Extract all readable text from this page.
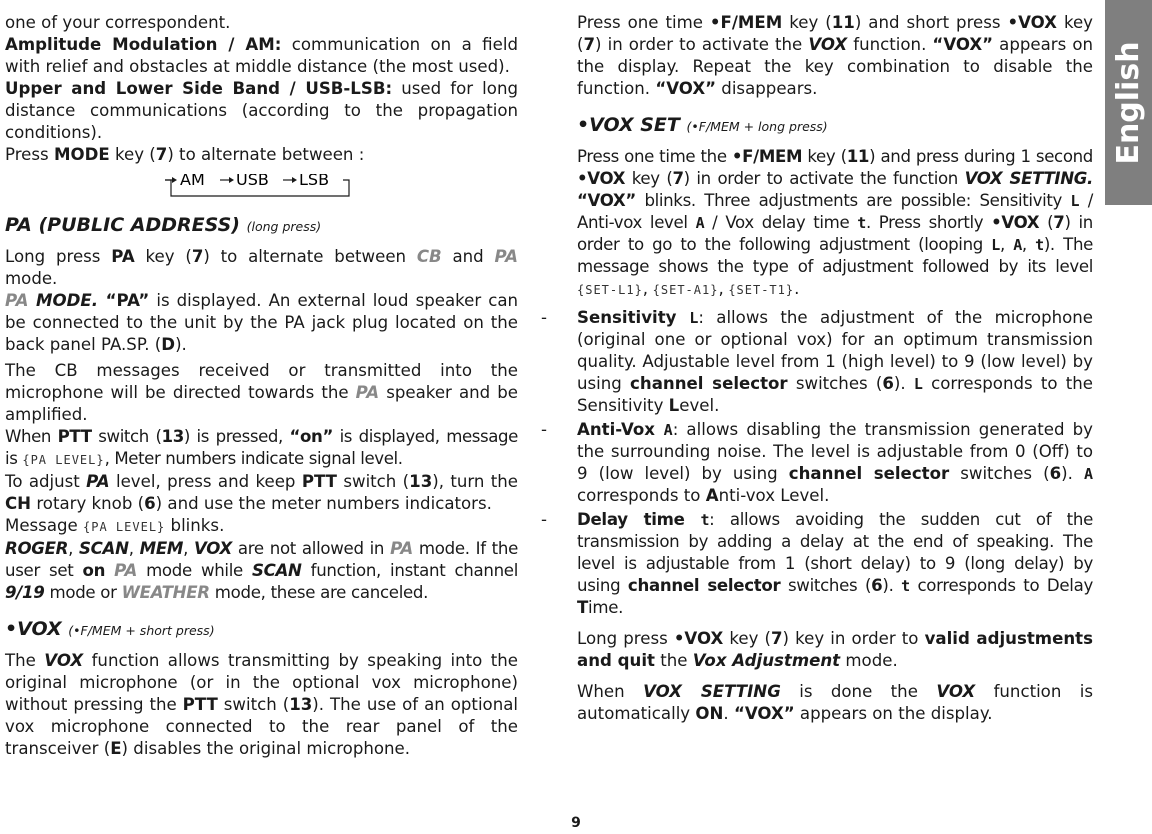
English

one of your correspondent.

Amplitude Modulation / AM: communication on a field with relief and obstacles at middle distance (the most used).

Upper and Lower Side Band / USB-LSB: used for long distance communications (according to the propagation conditions).

Press MODE key (7) to alternate between :

AM USB LSB

PA (PUBLIC ADDRESS) (long press)

Long press PA key (7) to alternate between CB and PA mode.

PA MODE. “PA” is displayed. An external loud speaker can be connected to the unit by the PA jack plug located on the back panel PA.SP. (D).

The CB messages received or transmitted into the microphone will be directed towards the PA speaker and be amplified.

When PTT switch (13) is pressed, “on” is displayed, message is {PA LEVEL}, Meter numbers indicate signal level.

To adjust PA level, press and keep PTT switch (13), turn the CH rotary knob (6) and use the meter numbers indicators.

Message {PA LEVEL} blinks.

ROGER, SCAN, MEM, VOX are not allowed in PA mode. If the user set on PA mode while SCAN function, instant channel 9/19 mode or WEATHER mode, these are canceled.

•VOX (•F/MEM + short press)

The VOX function allows transmitting by speaking into the original microphone (or in the optional vox microphone) without pressing the PTT switch (13). The use of an optional vox microphone connected to the rear panel of the transceiver (E) disables the original microphone.

Press one time •F/MEM key (11) and short press •VOX key (7) in order to activate the VOX function. “VOX” appears on the display. Repeat the key combination to disable the function. “VOX” disappears.

•VOX SET (•F/MEM + long press)

Press one time the •F/MEM key (11) and press during 1 second •VOX key (7) in order to activate the function VOX SETTING. “VOX” blinks. Three adjustments are possible: Sensitivity L / Anti-vox level A / Vox delay time t. Press shortly •VOX (7) in order to go to the following adjustment (looping L, A, t). The message shows the type of adjustment followed by its level {SET-L1}, {SET-A1}, {SET-T1}.

- Sensitivity L: allows the adjustment of the microphone (original one or optional vox) for an optimum transmission quality. Adjustable level from 1 (high level) to 9 (low level) by using channel selector switches (6). L corresponds to the Sensitivity Level.

- Anti-Vox A: allows disabling the transmission generated by the surrounding noise. The level is adjustable from 0 (Off) to 9 (low level) by using channel selector switches (6). A corresponds to Anti-vox Level.

- Delay time t: allows avoiding the sudden cut of the transmission by adding a delay at the end of speaking. The level is adjustable from 1 (short delay) to 9 (long delay) by using channel selector switches (6). t corresponds to Delay Time.

Long press •VOX key (7) key in order to valid adjustments and quit the Vox Adjustment mode.

When VOX SETTING is done the VOX function is automatically ON. “VOX” appears on the display.

9
